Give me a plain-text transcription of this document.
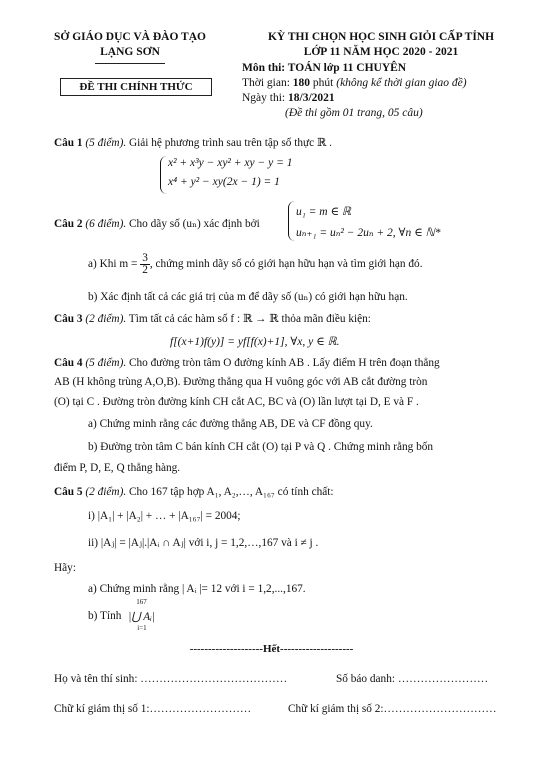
SỞ GIÁO DỤC VÀ ĐÀO TẠO
LẠNG SƠN
KỲ THI CHỌN HỌC SINH GIỎI CẤP TỈNH
LỚP 11 NĂM HỌC 2020 - 2021
ĐỀ THI CHÍNH THỨC
Môn thi: TOÁN lớp 11 CHUYÊN
Thời gian: 180 phút (không kể thời gian giao đề)
Ngày thi: 18/3/2021
(Đề thi gồm 01 trang, 05 câu)
Câu 1 (5 điểm). Giải hệ phương trình sau trên tập số thực ℝ .
x² + x³y − xy² + xy − y = 1
x⁴ + y² − xy(2x − 1) = 1
Câu 2 (6 điểm). Cho dãy số (uₙ) xác định bởi
u₁ = m ∈ ℝ
uₙ₊₁ = uₙ² − 2uₙ + 2, ∀n ∈ ℕ*
a) Khi $m = \frac{3}{2}$ , chứng minh dãy số có giới hạn hữu hạn và tìm giới hạn đó.
b) Xác định tất cả các giá trị của m để dãy số (uₙ) có giới hạn hữu hạn.
Câu 3 (2 điểm). Tìm tất cả các hàm số f : ℝ → ℝ thỏa mãn điều kiện:
f[(x+1)f(y)] = yf[f(x)+1], ∀x, y ∈ ℝ.
Câu 4 (5 điểm). Cho đường tròn tâm O đường kính AB . Lấy điểm H trên đoạn thẳng
AB (H không trùng A,O,B). Đường thẳng qua H vuông góc với AB cắt đường tròn
(O) tại C . Đường tròn đường kính CH cắt AC, BC và (O) lần lượt tại D, E và F .
a) Chứng minh rằng các đường thẳng AB, DE và CF đồng quy.
b) Đường tròn tâm C bán kính CH cắt (O) tại P và Q . Chứng minh rằng bốn
điểm P, D, E, Q thẳng hàng.
Câu 5 (2 điểm). Cho 167 tập hợp A₁, A₂,…, A₁₆₇ có tính chất:
i) |A₁| + |A₂| + … + |A₁₆₇| = 2004;
ii) |Aⱼ| = |Aⱼ|.|Aᵢ ∩ Aⱼ| với i, j = 1,2,…,167 và i ≠ j .
Hãy:
a) Chứng minh rằng | Aᵢ |= 12 với i = 1,2,...,167.
b) Tính
167
|⋃ Aᵢ|
i=1
--------------------Hết--------------------
Họ và tên thí sinh: …………………………………	Số báo danh: ……………………
Chữ kí giám thị số 1:………………………	Chữ kí giám thị số 2:…………………………
